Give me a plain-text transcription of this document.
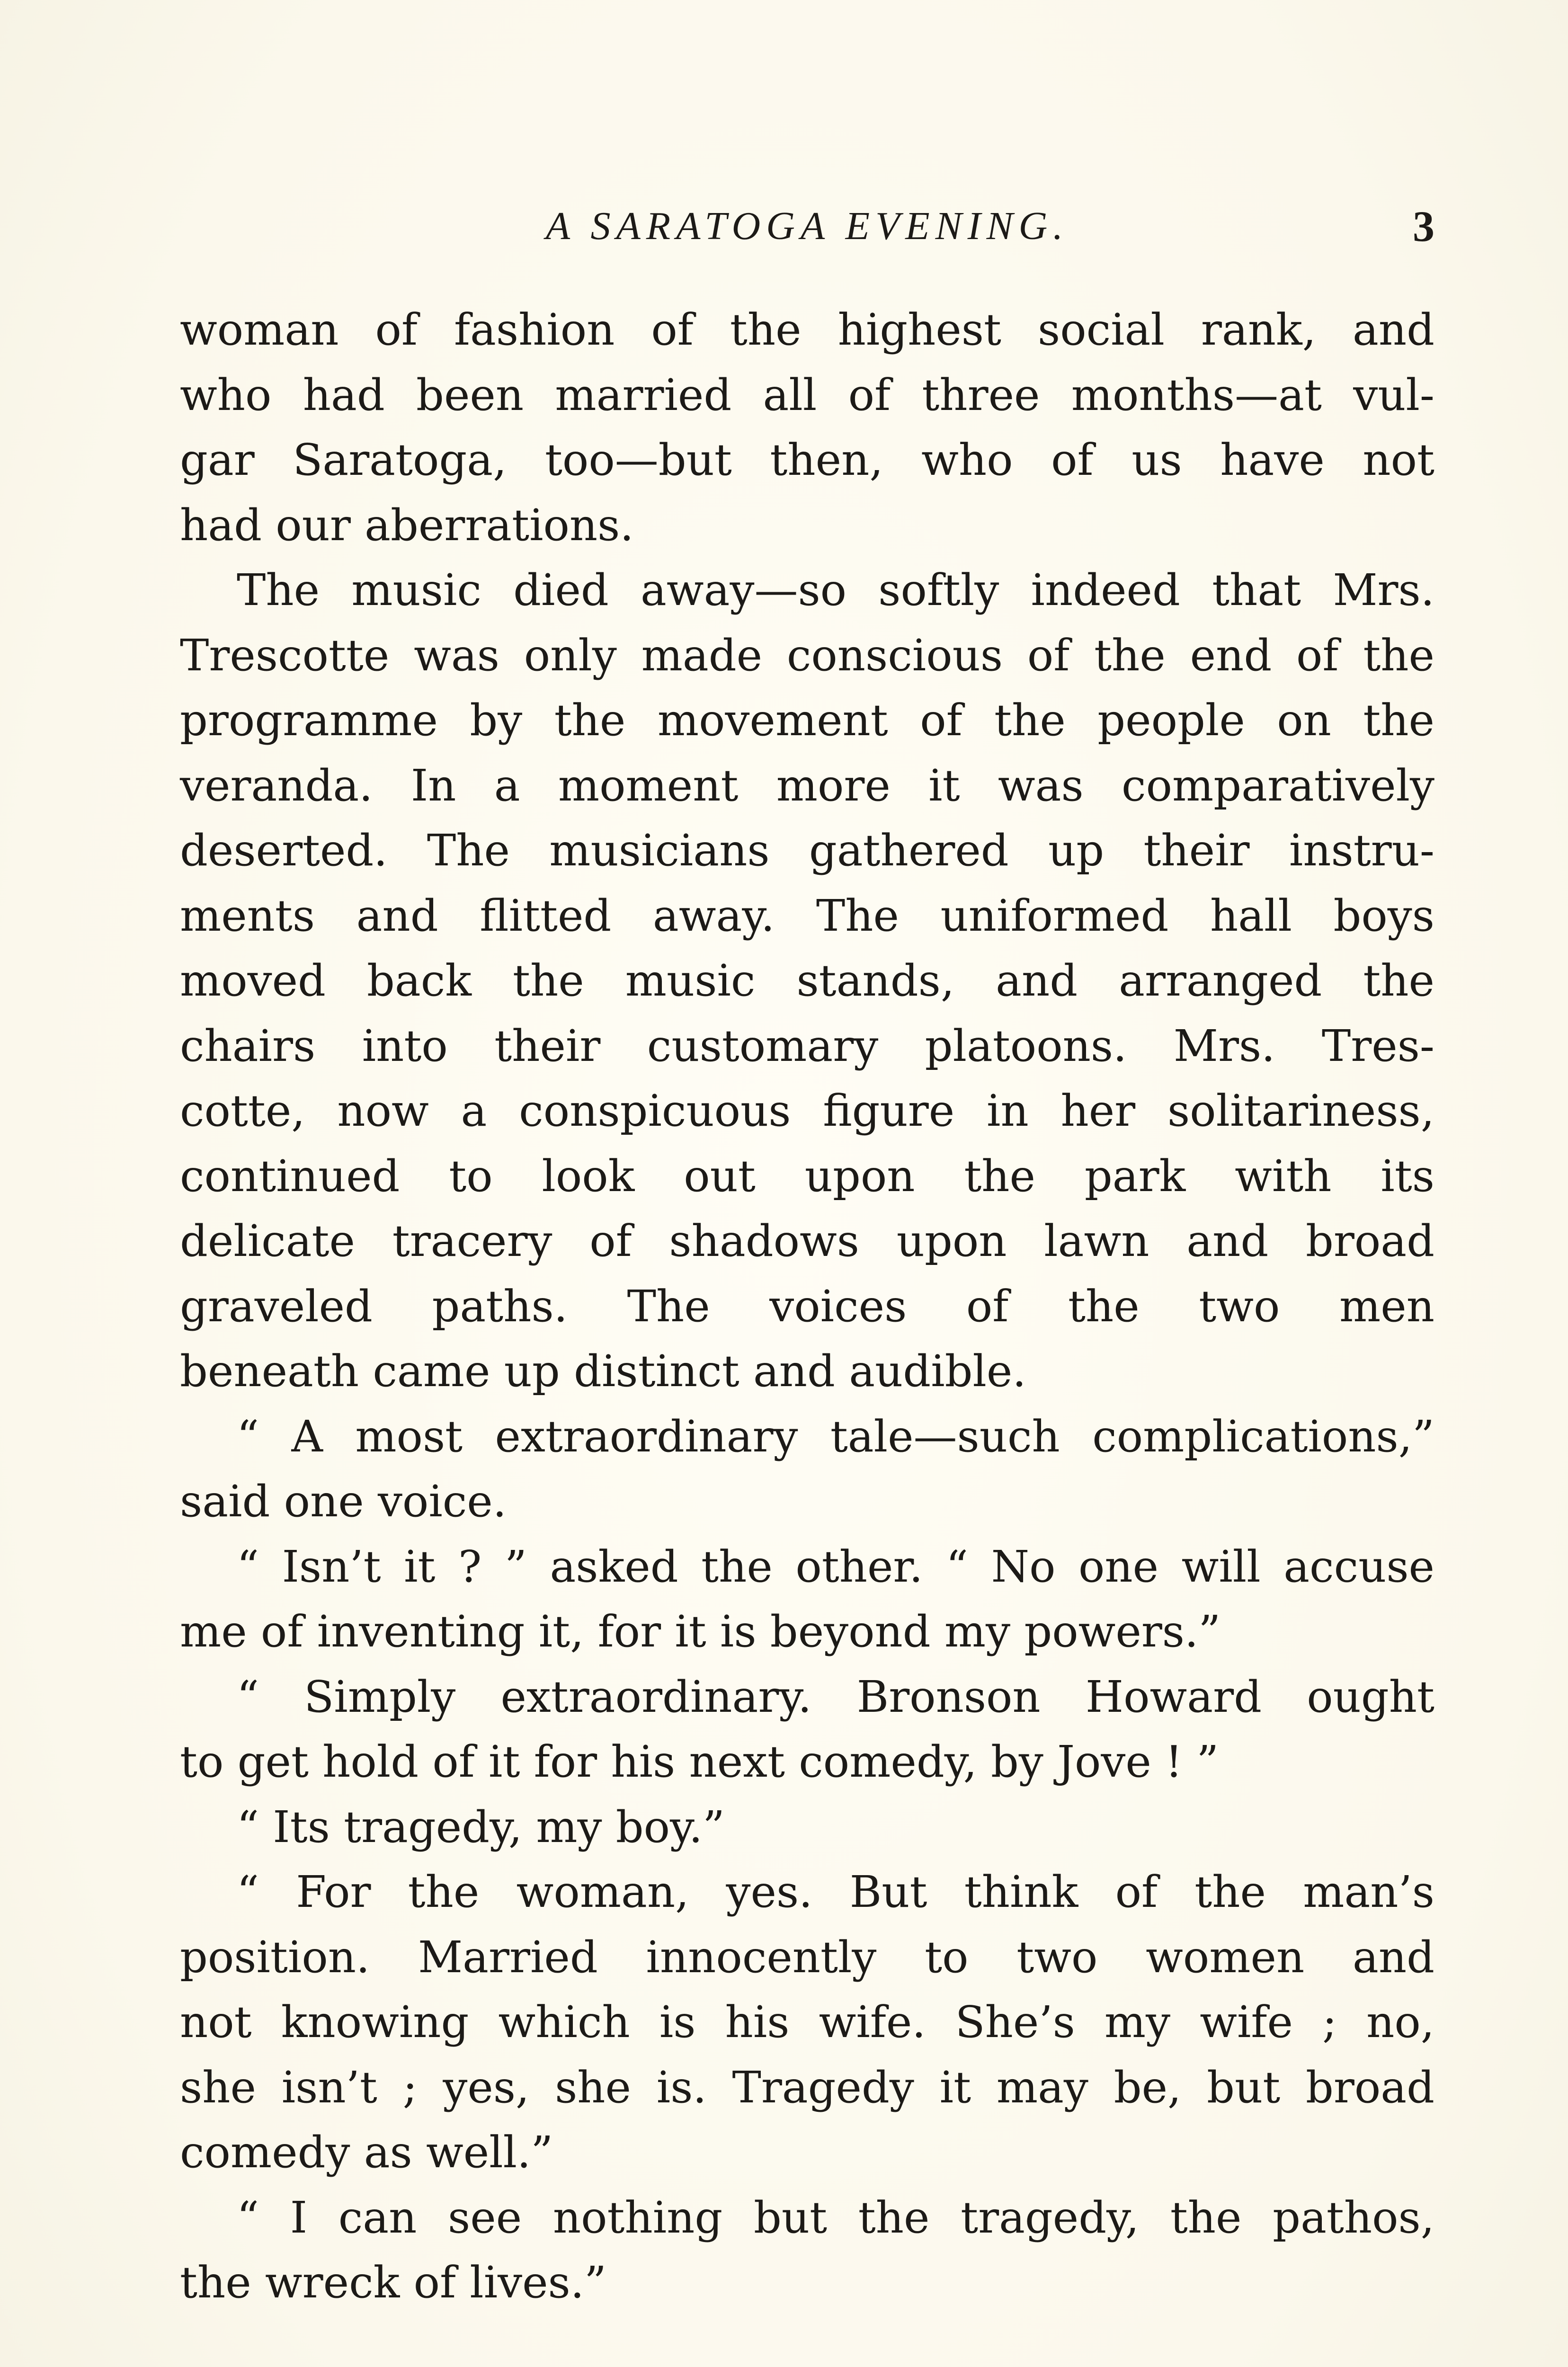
A SARATOGA EVENING.	3
woman of fashion of the highest social rank, and
who had been married all of three months—at vul-
gar Saratoga, too—but then, who of us have not
had our aberrations.
The music died away—so softly indeed that Mrs.
Trescotte was only made conscious of the end of the
programme by the movement of the people on the
veranda. In a moment more it was comparatively
deserted. The musicians gathered up their instru-
ments and flitted away. The uniformed hall boys
moved back the music stands, and arranged the
chairs into their customary platoons. Mrs. Tres-
cotte, now a conspicuous figure in her solitariness,
continued to look out upon the park with its
delicate tracery of shadows upon lawn and broad
graveled paths. The voices of the two men
beneath came up distinct and audible.
“ A most extraordinary tale—such complications,”
said one voice.
“ Isn’t it ? ” asked the other. “ No one will accuse
me of inventing it, for it is beyond my powers.”
“ Simply extraordinary. Bronson Howard ought
to get hold of it for his next comedy, by Jove ! ”
“ Its tragedy, my boy.”
“ For the woman, yes. But think of the man’s
position. Married innocently to two women and
not knowing which is his wife. She’s my wife ; no,
she isn’t ; yes, she is. Tragedy it may be, but broad
comedy as well.”
“ I can see nothing but the tragedy, the pathos,
the wreck of lives.”
